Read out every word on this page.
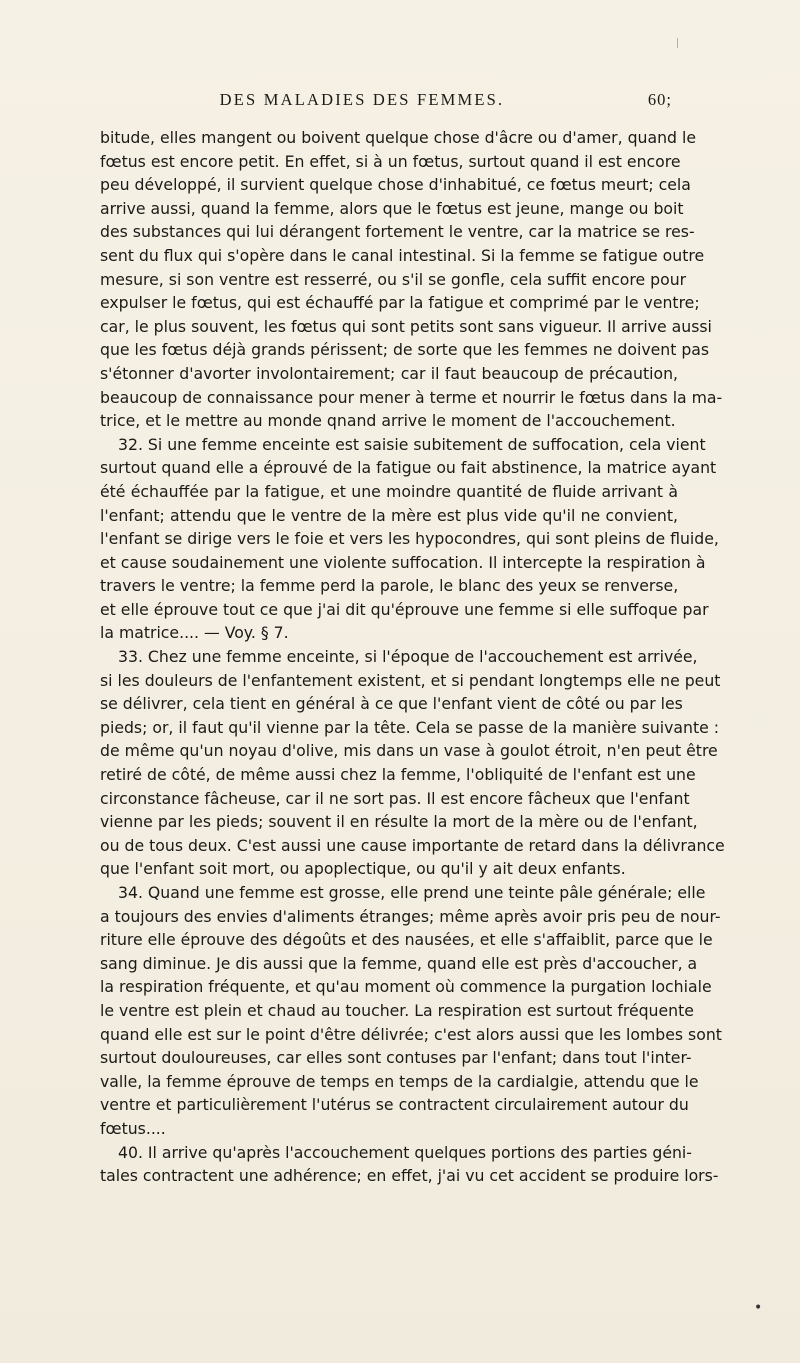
DES MALADIES DES FEMMES.	60;
bitude, elles mangent ou boivent quelque chose d'âcre ou d'amer, quand le
fœtus est encore petit. En effet, si à un fœtus, surtout quand il est encore
peu développé, il survient quelque chose d'inhabitué, ce fœtus meurt; cela
arrive aussi, quand la femme, alors que le fœtus est jeune, mange ou boit
des substances qui lui dérangent fortement le ventre, car la matrice se res-
sent du flux qui s'opère dans le canal intestinal. Si la femme se fatigue outre
mesure, si son ventre est resserré, ou s'il se gonfle, cela suffit encore pour
expulser le fœtus, qui est échauffé par la fatigue et comprimé par le ventre;
car, le plus souvent, les fœtus qui sont petits sont sans vigueur. Il arrive aussi
que les fœtus déjà grands périssent; de sorte que les femmes ne doivent pas
s'étonner d'avorter involontairement; car il faut beaucoup de précaution,
beaucoup de connaissance pour mener à terme et nourrir le fœtus dans la ma-
trice, et le mettre au monde qnand arrive le moment de l'accouchement.
32. Si une femme enceinte est saisie subitement de suffocation, cela vient
surtout quand elle a éprouvé de la fatigue ou fait abstinence, la matrice ayant
été échauffée par la fatigue, et une moindre quantité de fluide arrivant à
l'enfant; attendu que le ventre de la mère est plus vide qu'il ne convient,
l'enfant se dirige vers le foie et vers les hypocondres, qui sont pleins de fluide,
et cause soudainement une violente suffocation. Il intercepte la respiration à
travers le ventre; la femme perd la parole, le blanc des yeux se renverse,
et elle éprouve tout ce que j'ai dit qu'éprouve une femme si elle suffoque par
la matrice.... — Voy. § 7.
33. Chez une femme enceinte, si l'époque de l'accouchement est arrivée,
si les douleurs de l'enfantement existent, et si pendant longtemps elle ne peut
se délivrer, cela tient en général à ce que l'enfant vient de côté ou par les
pieds; or, il faut qu'il vienne par la tête. Cela se passe de la manière suivante :
de même qu'un noyau d'olive, mis dans un vase à goulot étroit, n'en peut être
retiré de côté, de même aussi chez la femme, l'obliquité de l'enfant est une
circonstance fâcheuse, car il ne sort pas. Il est encore fâcheux que l'enfant
vienne par les pieds; souvent il en résulte la mort de la mère ou de l'enfant,
ou de tous deux. C'est aussi une cause importante de retard dans la délivrance
que l'enfant soit mort, ou apoplectique, ou qu'il y ait deux enfants.
34. Quand une femme est grosse, elle prend une teinte pâle générale; elle
a toujours des envies d'aliments étranges; même après avoir pris peu de nour-
riture elle éprouve des dégoûts et des nausées, et elle s'affaiblit, parce que le
sang diminue. Je dis aussi que la femme, quand elle est près d'accoucher, a
la respiration fréquente, et qu'au moment où commence la purgation lochiale
le ventre est plein et chaud au toucher. La respiration est surtout fréquente
quand elle est sur le point d'être délivrée; c'est alors aussi que les lombes sont
surtout douloureuses, car elles sont contuses par l'enfant; dans tout l'inter-
valle, la femme éprouve de temps en temps de la cardialgie, attendu que le
ventre et particulièrement l'utérus se contractent circulairement autour du
fœtus....
40. Il arrive qu'après l'accouchement quelques portions des parties géni-
tales contractent une adhérence; en effet, j'ai vu cet accident se produire lors-
•
